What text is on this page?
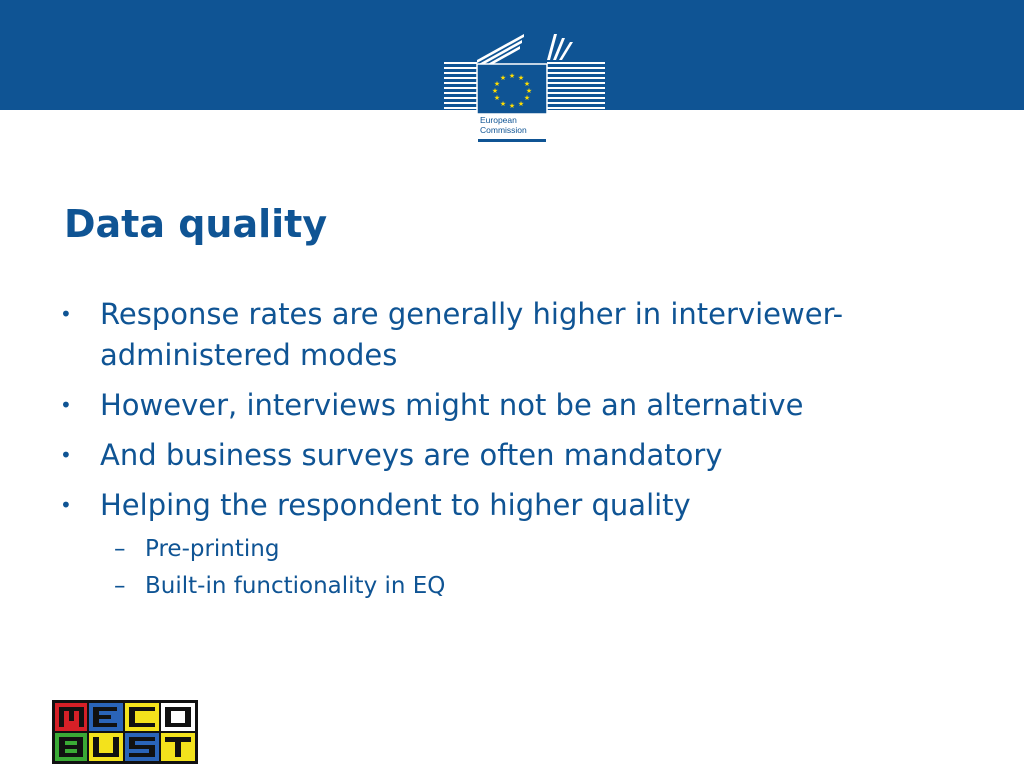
★ ★
★
★
★
★
★
★
★
★
★
★
European
Commission
Data quality
• Response rates are generally higher in interviewer-administered modes
• However, interviews might not be an alternative
• And business surveys are often mandatory
• Helping the respondent to higher quality
– Pre-printing
– Built-in functionality in EQ
